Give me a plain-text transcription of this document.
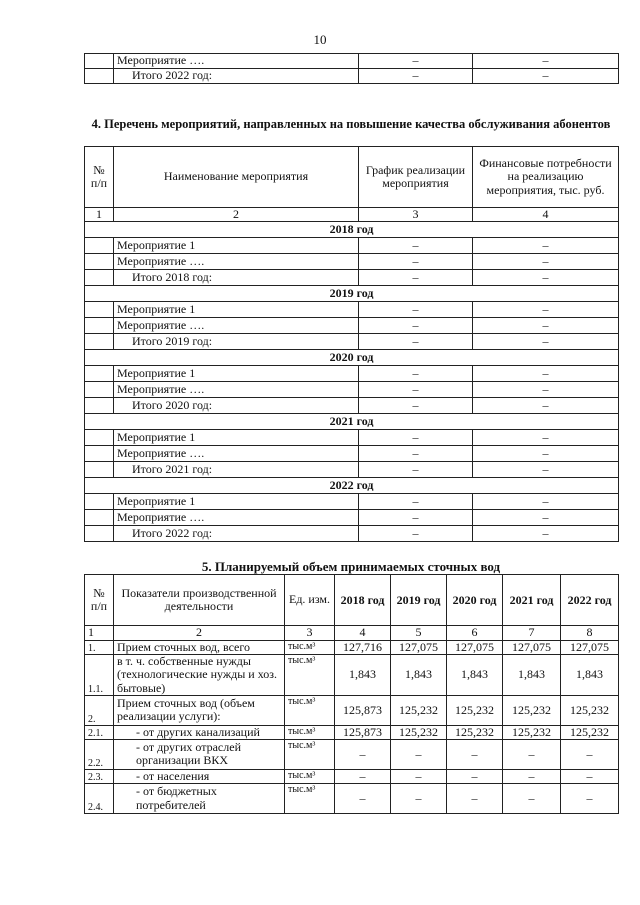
10
	Мероприятие ….	–	–
	Итого 2022 год:	–	–
4. Перечень мероприятий, направленных на повышение качества обслуживания абонентов
№ п/п	Наименование мероприятия	График реализации мероприятия	Финансовые потребности на реализацию мероприятия, тыс. руб.
1	2	3	4
2018 год			
	Мероприятие 1	–	–
	Мероприятие ….	–	–
	Итого 2018 год:	–	–
2019 год			
	Мероприятие 1	–	–
	Мероприятие ….	–	–
	Итого 2019 год:	–	–
2020 год			
	Мероприятие 1	–	–
	Мероприятие ….	–	–
	Итого 2020 год:	–	–
2021 год			
	Мероприятие 1	–	–
	Мероприятие ….	–	–
	Итого 2021 год:	–	–
2022 год			
	Мероприятие 1	–	–
	Мероприятие ….	–	–
	Итого 2022 год:	–	–
5. Планируемый объем принимаемых сточных вод
№ п/п	Показатели производственной деятельности	Ед. изм.	2018 год	2019 год	2020 год	2021 год	2022 год
1	2	3	4	5	6	7	8
1.	Прием сточных вод, всего	тыс.м³	127,716	127,075	127,075	127,075	127,075
1.1.	в т. ч. собственные нужды (технологические нужды и хоз. бытовые)	тыс.м³	1,843	1,843	1,843	1,843	1,843
2.	Прием сточных вод (объем реализации услуги):	тыс.м³	125,873	125,232	125,232	125,232	125,232
2.1.	- от других канализаций	тыс.м³	125,873	125,232	125,232	125,232	125,232
2.2.	- от других отраслей организации ВКХ	тыс.м³	–	–	–	–	–
2.3.	- от населения	тыс.м³	–	–	–	–	–
2.4.	- от бюджетных потребителей	тыс.м³	–	–	–	–	–
